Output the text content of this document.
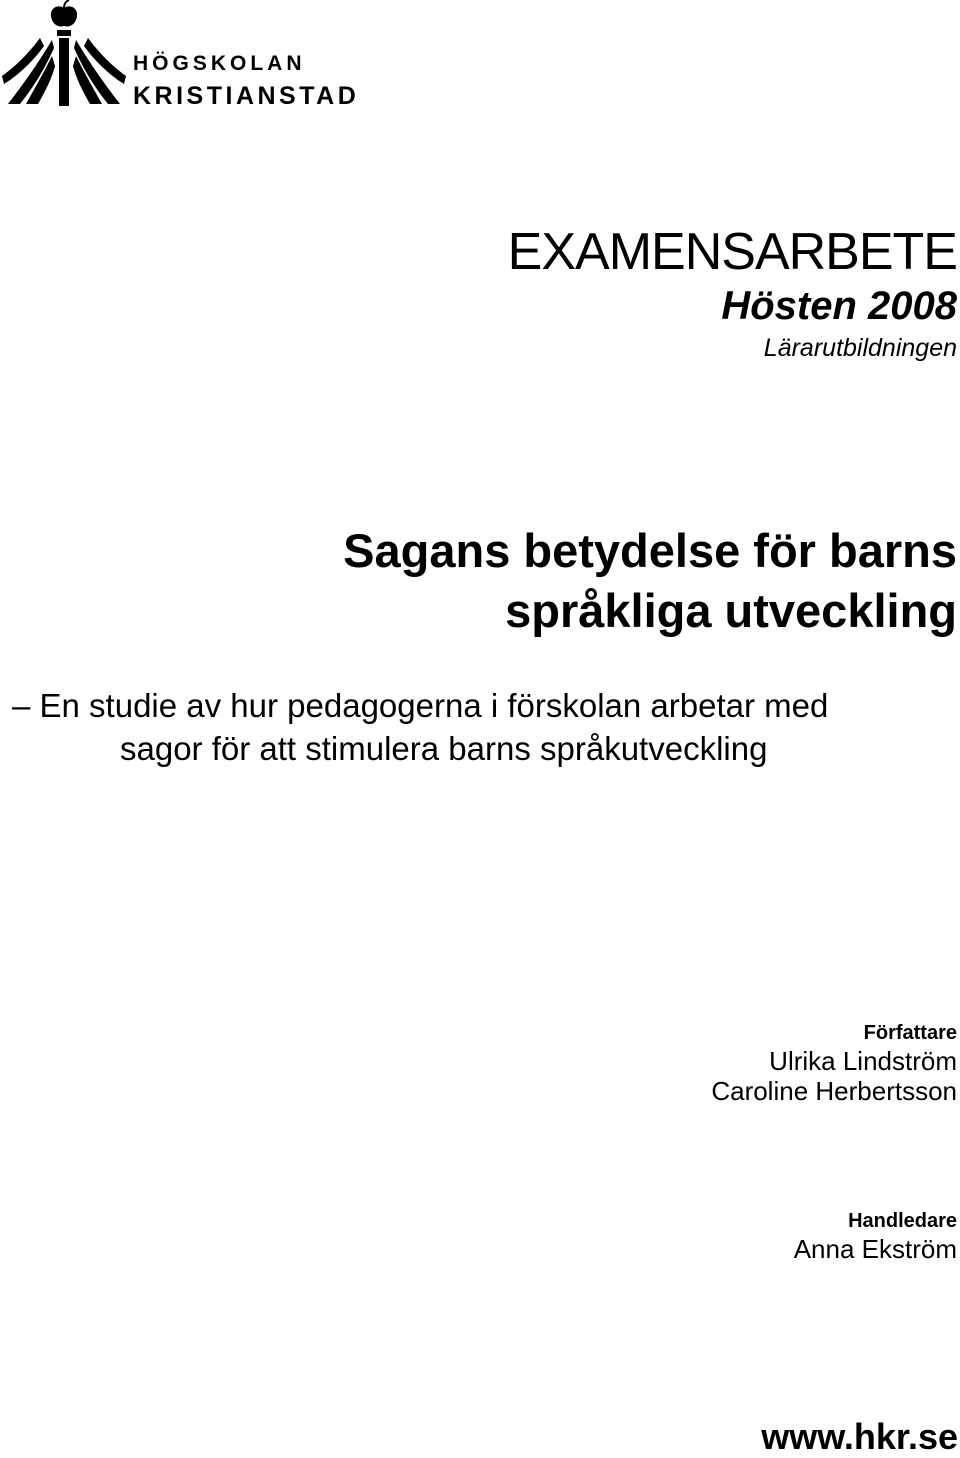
HÖGSKOLAN
KRISTIANSTAD
EXAMENSARBETE
Hösten 2008
Lärarutbildningen
Sagans betydelse för barns
språkliga utveckling
– En studie av hur pedagogerna i förskolan arbetar med
sagor för att stimulera barns språkutveckling
Författare
Ulrika Lindström
Caroline Herbertsson
Handledare
Anna Ekström
www.hkr.se
